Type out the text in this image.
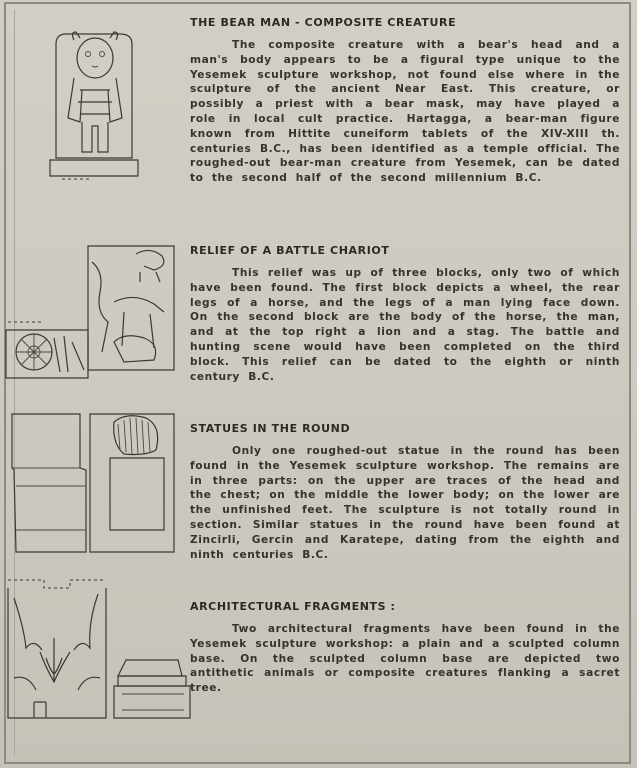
THE BEAR MAN - COMPOSITE CREATURE

The composite creature with a bear's head and a man's body appears to be a figural type unique to the Yesemek sculpture workshop, not found else where in the sculpture of the ancient Near East. This creature, or possibly a priest with a bear mask, may have played a role in local cult practice. Hartagga, a bear-man figure known from Hittite cuneiform tablets of the XIV-XIII th. centuries B.C., has been identified as a temple official. The roughed-out bear-man creature from Yesemek, can be dated to the second half of the second millennium B.C.

RELIEF OF A BATTLE CHARIOT

This relief was up of three blocks, only two of which have been found. The first block depicts a wheel, the rear legs of a horse, and the legs of a man lying face down. On the second block are the body of the horse, the man, and at the top right a lion and a stag. The battle and hunting scene would have been completed on the third block. This relief can be dated to the eighth or ninth century B.C.

STATUES IN THE ROUND

Only one roughed-out statue in the round has been found in the Yesemek sculpture workshop. The remains are in three parts: on the upper are traces of the head and the chest; on the middle the lower body; on the lower are the unfinished feet. The sculpture is not totally round in section. Similar statues in the round have been found at Zincirli, Gercin and Karatepe, dating from the eighth and ninth centuries B.C.

ARCHITECTURAL FRAGMENTS :

Two architectural fragments have been found in the Yesemek sculpture workshop: a plain and a sculpted column base. On the sculpted column base are depicted two antithetic animals or composite creatures flanking a sacret tree.
